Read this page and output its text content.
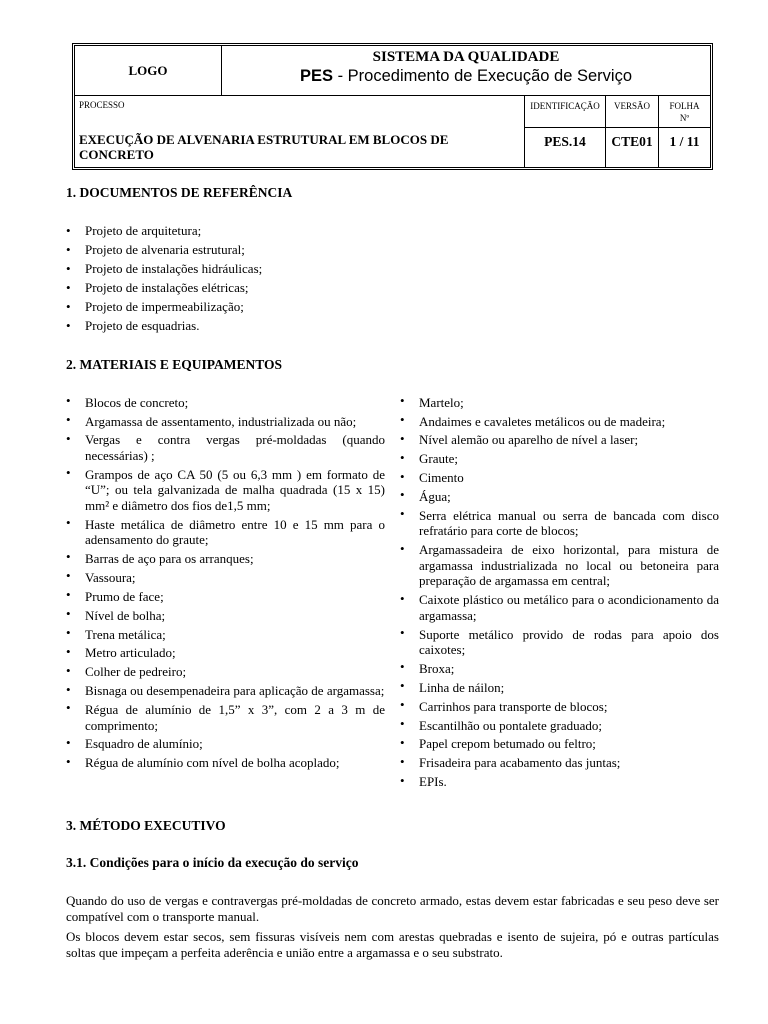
LOGO
SISTEMA DA QUALIDADE
PES - Procedimento de Execução de Serviço
PROCESSO
EXECUÇÃO DE ALVENARIA ESTRUTURAL EM BLOCOS DE CONCRETO
IDENTIFICAÇÃO
PES.14
VERSÃO
CTE01
FOLHA Nº
1 / 11
1. DOCUMENTOS DE REFERÊNCIA
• Projeto de arquitetura;
• Projeto de alvenaria estrutural;
• Projeto de instalações hidráulicas;
• Projeto de instalações elétricas;
• Projeto de impermeabilização;
• Projeto de esquadrias.
2. MATERIAIS E EQUIPAMENTOS
• Blocos de concreto;
• Argamassa de assentamento, industrializada ou não;
• Vergas e contra vergas pré-moldadas (quando necessárias) ;
• Grampos de aço CA 50 (5 ou 6,3 mm ) em formato de “U”; ou tela galvanizada de malha quadrada (15 x 15) mm² e diâmetro dos fios de1,5 mm;
• Haste metálica de diâmetro entre 10 e 15 mm para o adensamento do graute;
• Barras de aço para os arranques;
• Vassoura;
• Prumo de face;
• Nível de bolha;
• Trena metálica;
• Metro articulado;
• Colher de pedreiro;
• Bisnaga ou desempenadeira para aplicação de argamassa;
• Régua de alumínio de 1,5” x 3”, com 2 a 3 m de comprimento;
• Esquadro de alumínio;
• Régua de alumínio com nível de bolha acoplado;
• Martelo;
• Andaimes e cavaletes metálicos ou de madeira;
• Nível alemão ou aparelho de nível a laser;
• Graute;
• Cimento
• Água;
• Serra elétrica manual ou serra de bancada com disco refratário para corte de blocos;
• Argamassadeira de eixo horizontal, para mistura de argamassa industrializada no local ou betoneira para preparação de argamassa em central;
• Caixote plástico ou metálico para o acondicionamento da argamassa;
• Suporte metálico provido de rodas para apoio dos caixotes;
• Broxa;
• Linha de náilon;
• Carrinhos para transporte de blocos;
• Escantilhão ou pontalete graduado;
• Papel crepom betumado ou feltro;
• Frisadeira para acabamento das juntas;
• EPIs.
3. MÉTODO EXECUTIVO
3.1. Condições para o início da execução do serviço

Quando do uso de vergas e contravergas pré-moldadas de concreto armado, estas devem estar fabricadas e seu peso deve ser compatível com o transporte manual.

Os blocos devem estar secos, sem fissuras visíveis nem com arestas quebradas e isento de sujeira, pó e outras partículas soltas que impeçam a perfeita aderência e união entre a argamassa e o seu substrato.
